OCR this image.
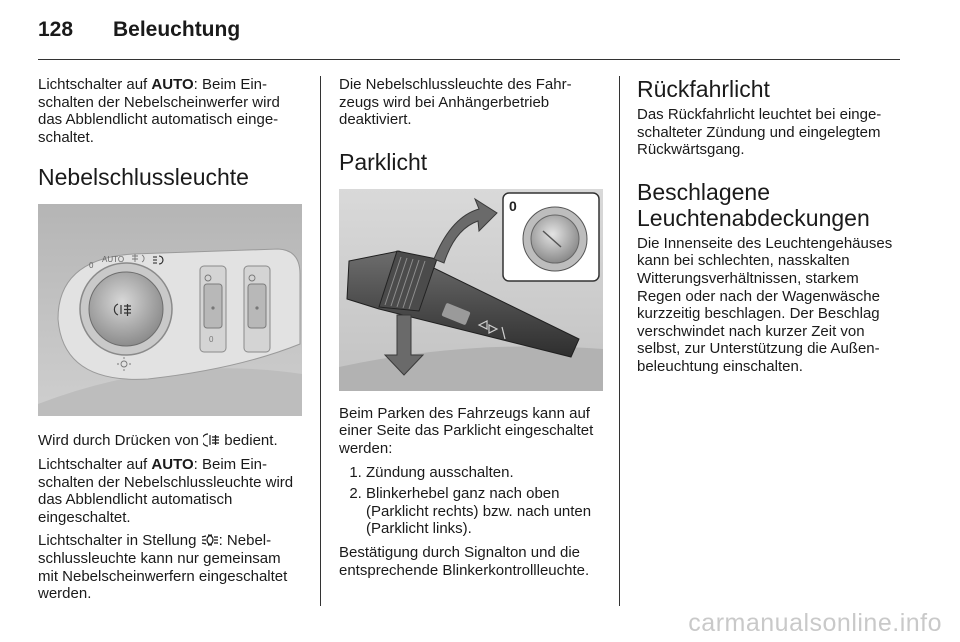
128	Beleuchtung

Lichtschalter auf AUTO: Beim Einschalten der Nebelscheinwerfer wird das Abblendlicht automatisch eingeschaltet.

Nebelschlussleuchte
0
AUTO
0

Wird durch Drücken von  bedient.

Lichtschalter auf AUTO: Beim Einschalten der Nebelschlussleuchte wird das Abblendlicht automatisch eingeschaltet.

Lichtschalter in Stellung : Nebelschlussleuchte kann nur gemeinsam mit Nebelscheinwerfern eingeschaltet werden.

Die Nebelschlussleuchte des Fahrzeugs wird bei Anhängerbetrieb deaktiviert.

Parklicht
0

Beim Parken des Fahrzeugs kann auf einer Seite das Parklicht eingeschaltet werden:

1. Zündung ausschalten.
2. Blinkerhebel ganz nach oben (Parklicht rechts) bzw. nach unten (Parklicht links).

Bestätigung durch Signalton und die entsprechende Blinkerkontrollleuchte.

Rückfahrlicht

Das Rückfahrlicht leuchtet bei eingeschalteter Zündung und eingelegtem Rückwärtsgang.

Beschlagene Leuchtenabdeckungen

Die Innenseite des Leuchtengehäuses kann bei schlechten, nasskalten Witterungsverhältnissen, starkem Regen oder nach der Wagenwäsche kurzzeitig beschlagen. Der Beschlag verschwindet nach kurzer Zeit von selbst, zur Unterstützung die Außenbeleuchtung einschalten.

carmanualsonline.info
